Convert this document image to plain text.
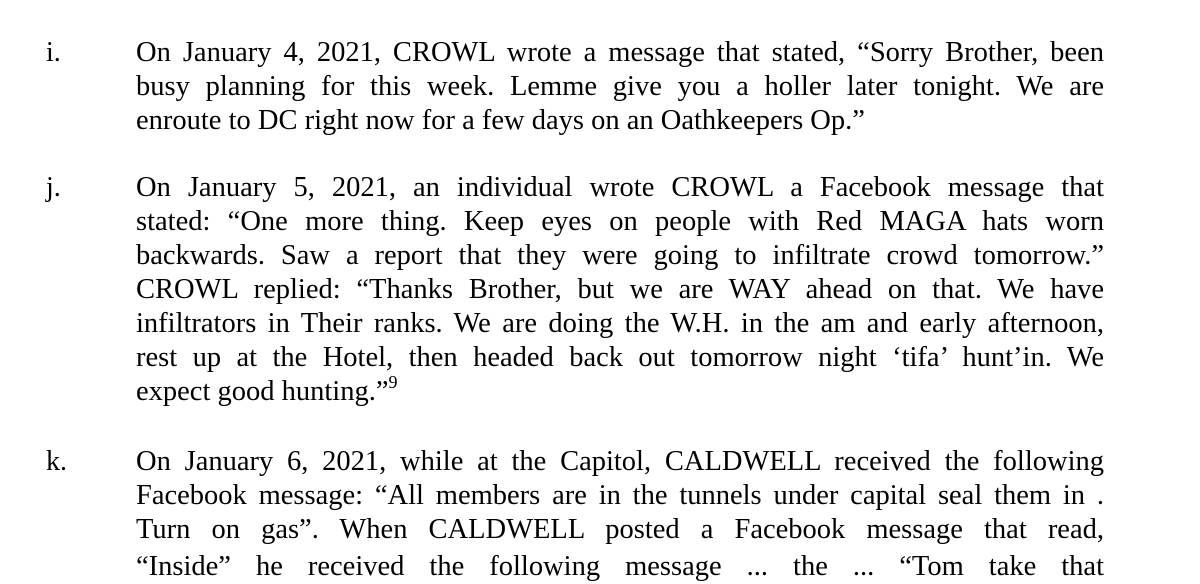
i.	On January 4, 2021, CROWL wrote a message that stated, “Sorry Brother, been
busy planning for this week. Lemme give you a holler later tonight. We are
enroute to DC right now for a few days on an Oathkeepers Op.”
j.	On January 5, 2021, an individual wrote CROWL a Facebook message that
stated: “One more thing. Keep eyes on people with Red MAGA hats worn
backwards. Saw a report that they were going to infiltrate crowd tomorrow.”
CROWL replied: “Thanks Brother, but we are WAY ahead on that. We have
infiltrators in Their ranks. We are doing the W.H. in the am and early afternoon,
rest up at the Hotel, then headed back out tomorrow night ‘tifa’ hunt’in. We
expect good hunting.”$^9$
k. On January 6, 2021, while at the Capitol, CALDWELL received the following
Facebook message: “All members are in the tunnels under capital seal them in .
Turn on gas”. When CALDWELL posted a Facebook message that read,
“Inside” he received the following message ... the ... “Tom take that
